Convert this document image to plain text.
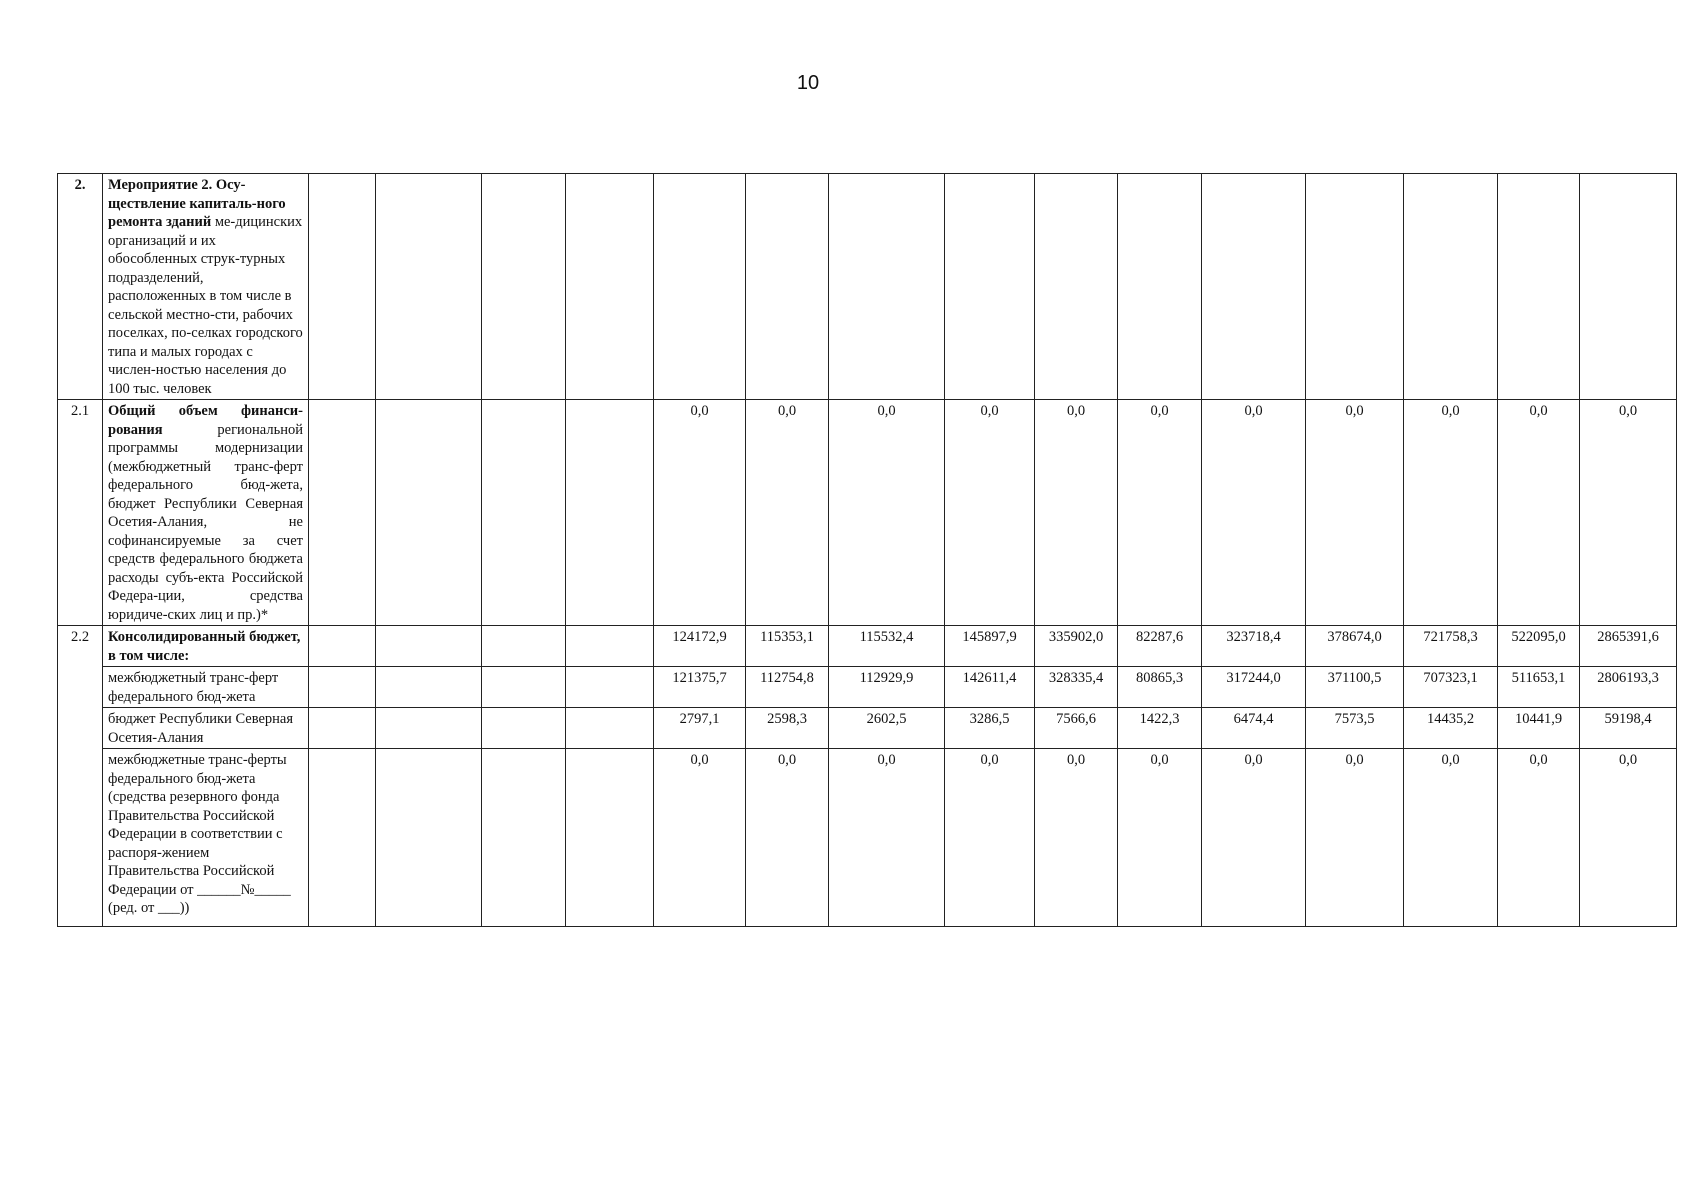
10
2.	Мероприятие 2. Осу-ществление капиталь-ного ремонта зданий ме-дицинских организаций и их обособленных струк-турных подразделений, расположенных в том числе в сельской местно-сти, рабочих поселках, по-селках городского типа и малых городах с числен-ностью населения до 100 тыс. человек															
2.1	Общий объем финанси-рования региональной программы модернизации (межбюджетный транс-ферт федерального бюд-жета, бюджет Республики Северная Осетия-Алания, не софинансируемые за счет средств федерального бюджета расходы субъ-екта Российской Федера-ции, средства юридиче-ских лиц и пр.)*					0,0	0,0	0,0	0,0	0,0	0,0	0,0	0,0	0,0	0,0	0,0
2.2	Консолидированный бюджет, в том числе:					124172,9	115353,1	115532,4	145897,9	335902,0	82287,6	323718,4	378674,0	721758,3	522095,0	2865391,6
	межбюджетный транс-ферт федерального бюд-жета					121375,7	112754,8	112929,9	142611,4	328335,4	80865,3	317244,0	371100,5	707323,1	511653,1	2806193,3
	бюджет Республики Северная Осетия-Алания					2797,1	2598,3	2602,5	3286,5	7566,6	1422,3	6474,4	7573,5	14435,2	10441,9	59198,4
	межбюджетные транс-ферты федерального бюд-жета (средства резервного фонда Правительства Российской Федерации в соответствии с распоря-жением Правительства Российской Федерации от ______№_____ (ред. от ___))					0,0	0,0	0,0	0,0	0,0	0,0	0,0	0,0	0,0	0,0	0,0
